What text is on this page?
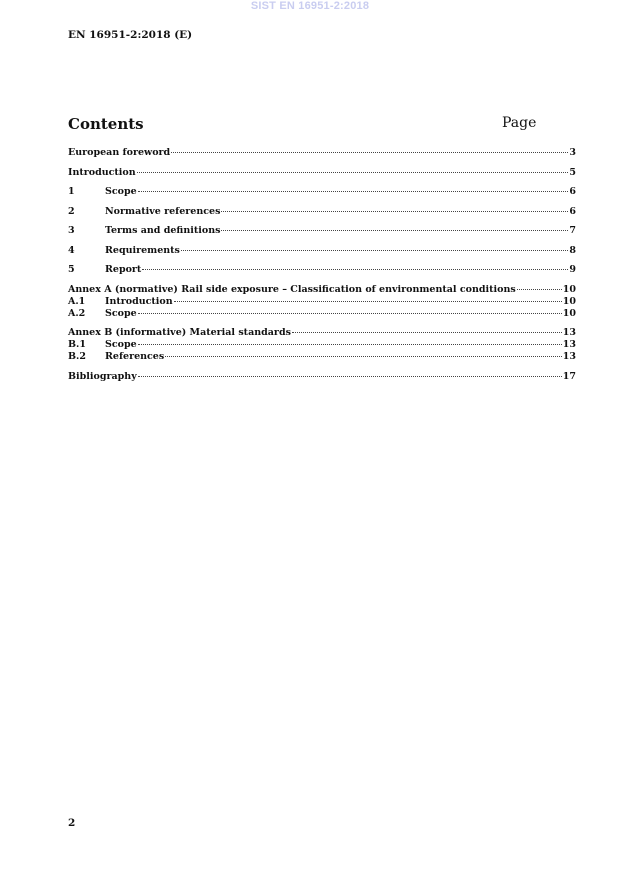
SIST EN 16951-2:2018
EN 16951-2:2018 (E)
Contents	Page
European foreword	3
Introduction	5
1	Scope	6
2	Normative references	6
3	Terms and definitions	7
4	Requirements	8
5	Report	9
Annex A (normative) Rail side exposure – Classification of environmental conditions	10
A.1	Introduction	10
A.2	Scope	10
Annex B (informative) Material standards	13
B.1	Scope	13
B.2	References	13
Bibliography	17
2
